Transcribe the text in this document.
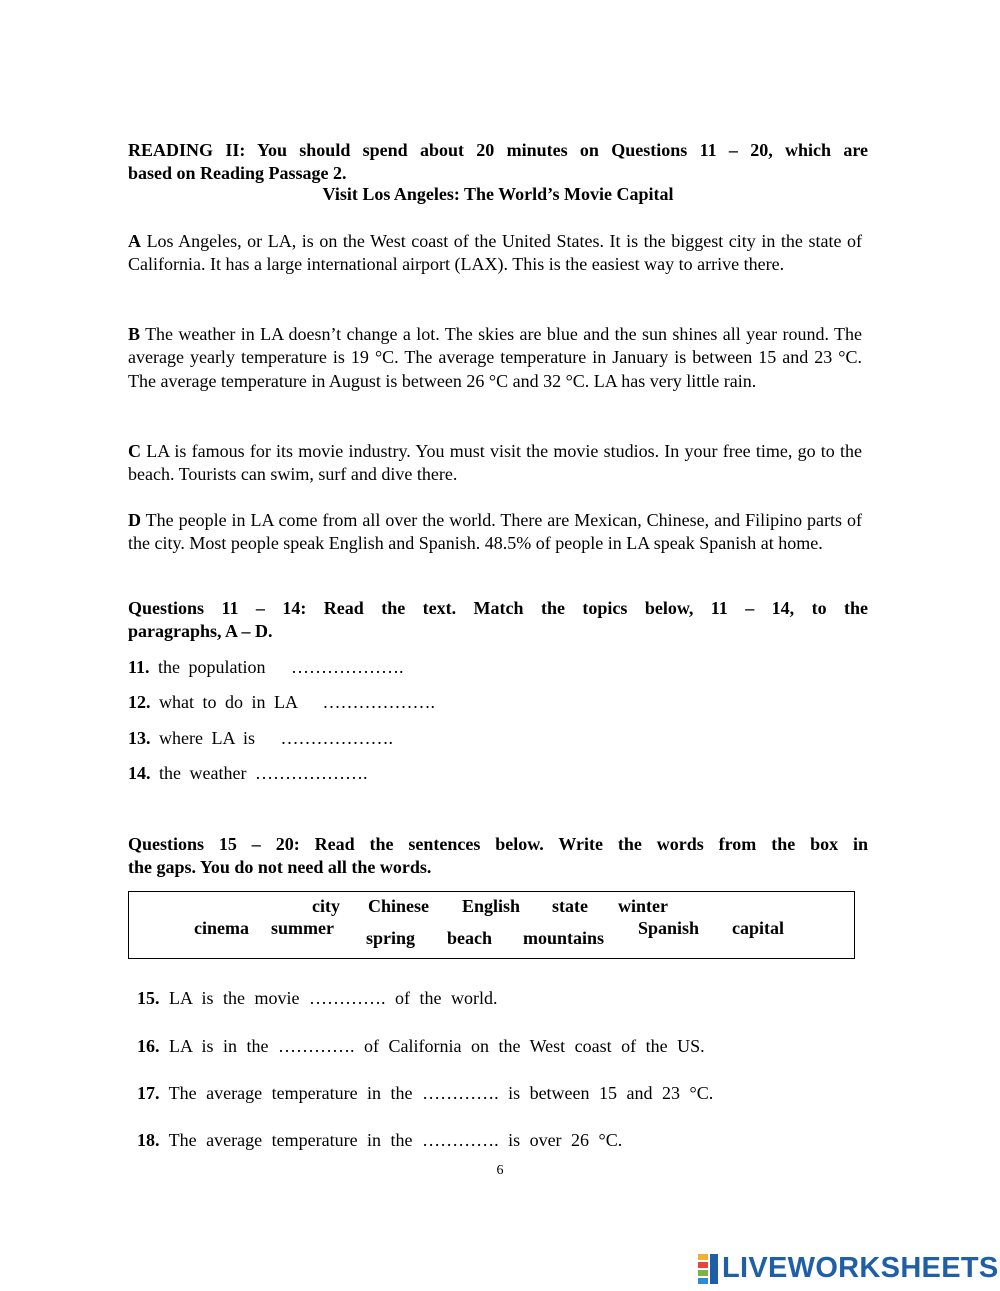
READING II: You should spend about 20 minutes on Questions 11 – 20, which are
based on Reading Passage 2.
Visit Los Angeles: The World’s Movie Capital
A Los Angeles, or LA, is on the West coast of the United States. It is the biggest city in the state of California. It has a large international airport (LAX). This is the easiest way to arrive there.
B The weather in LA doesn’t change a lot. The skies are blue and the sun shines all year round. The average yearly temperature is 19 °C. The average temperature in January is between 15 and 23 °C. The average temperature in August is between 26 °C and 32 °C. LA has very little rain.
C LA is famous for its movie industry. You must visit the movie studios. In your free time, go to the beach. Tourists can swim, surf and dive there.
D The people in LA come from all over the world. There are Mexican, Chinese, and Filipino parts of the city. Most people speak English and Spanish. 48.5% of people in LA speak Spanish at home.
Questions 11 – 14: Read the text. Match the topics below, 11 – 14, to the
paragraphs, A – D.
11. the population ……………….
12. what to do in LA ……………….
13. where LA is ……………….
14. the weather ……………….
Questions 15 – 20: Read the sentences below. Write the words from the box in
the gaps. You do not need all the words.
city Chinese English state winter
cinema summer	Spanish capital
spring beach mountains
15. LA is the movie …………. of the world.
16. LA is in the …………. of California on the West coast of the US.
17. The average temperature in the …………. is between 15 and 23 °C.
18. The average temperature in the …………. is over 26 °C.
6
LIVEWORKSHEETS
